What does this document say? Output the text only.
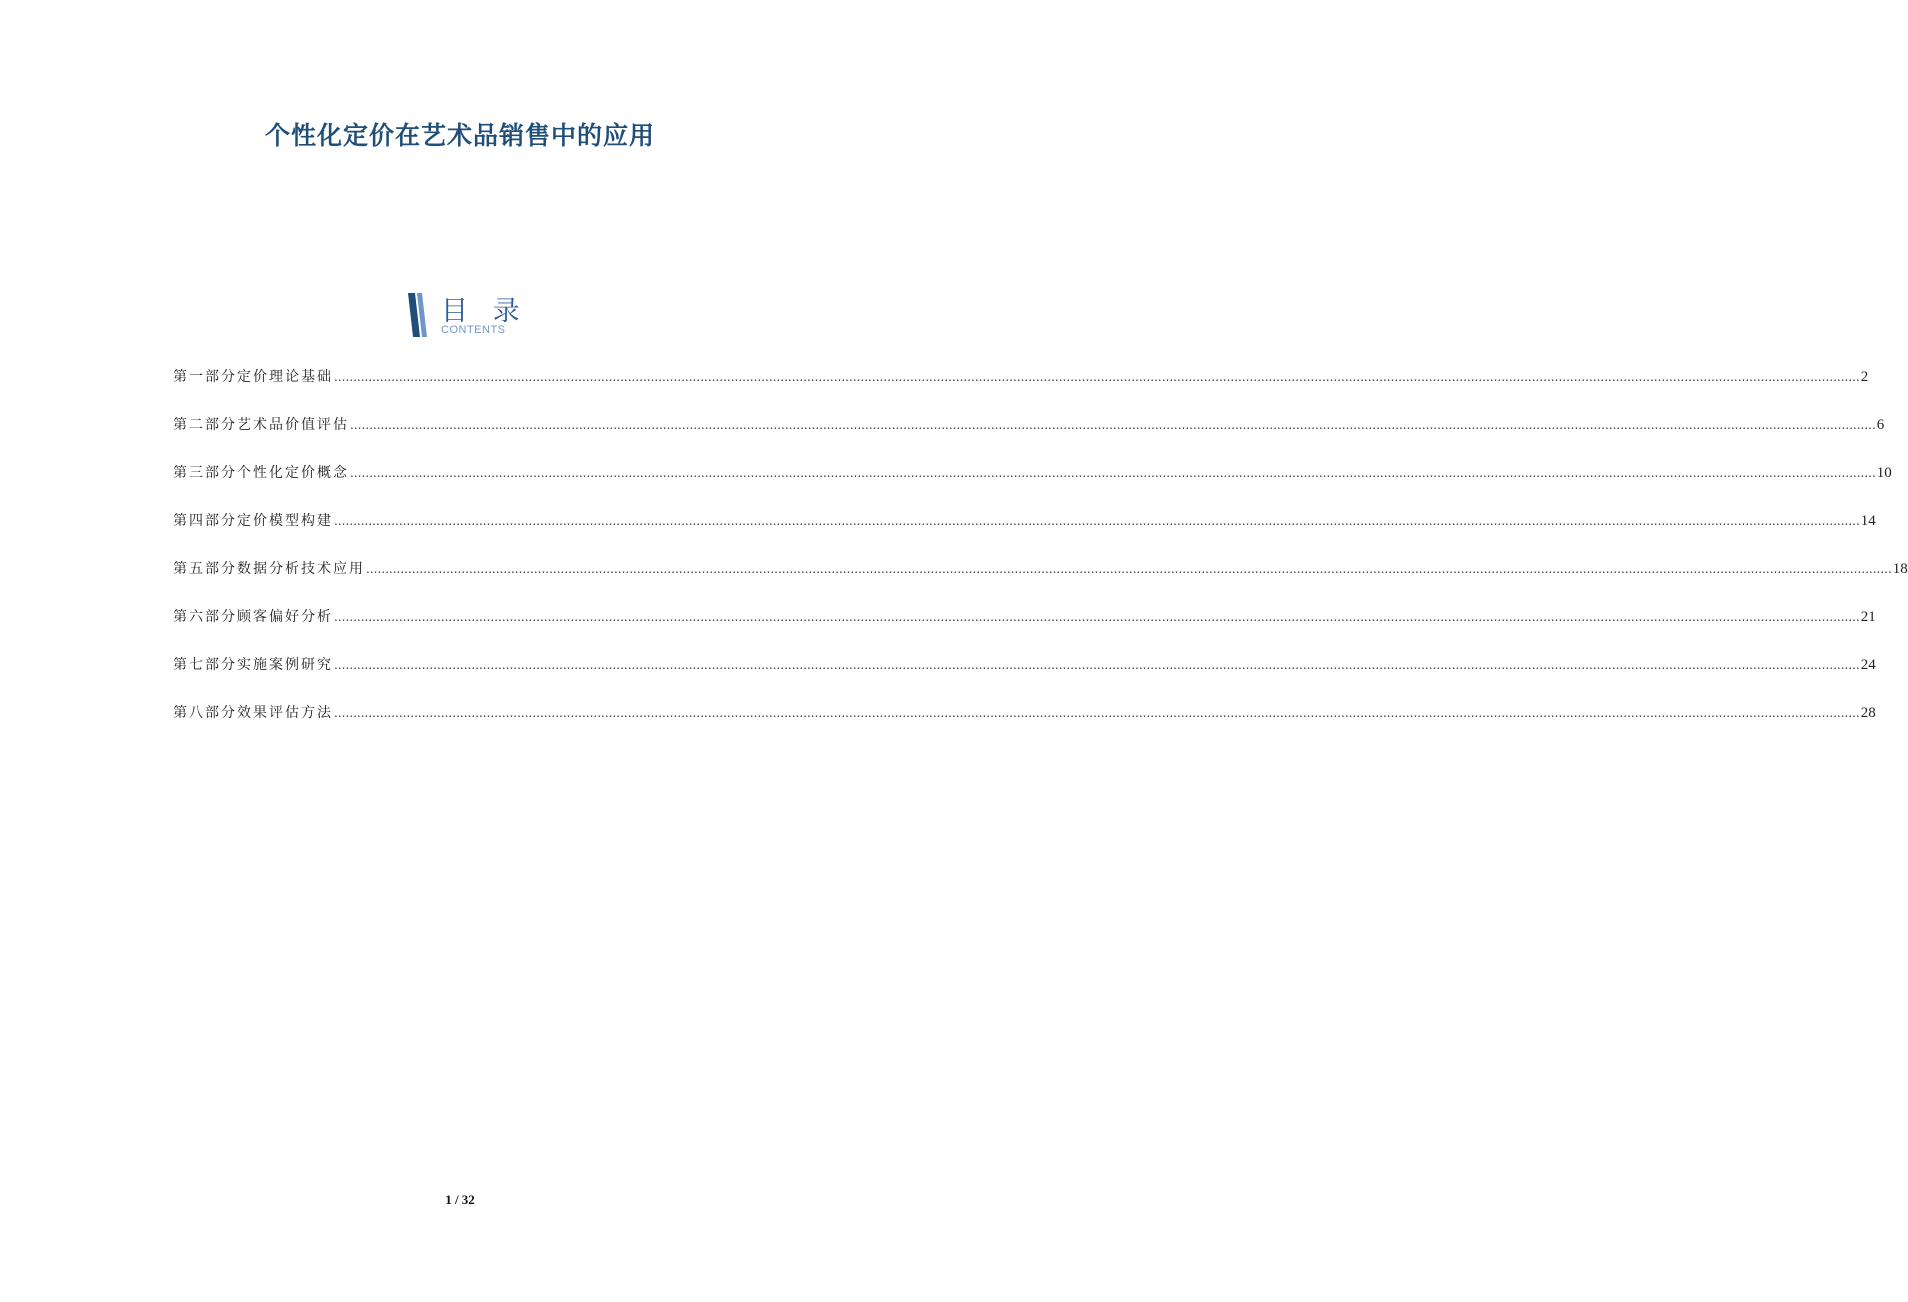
个性化定价在艺术品销售中的应用
目 录
CONTENTS
第一部分 定价理论基础 ................................................................................................................................................................................................................................................................................................................................................................................................................ 2
第二部分 艺术品价值评估 ................................................................................................................................................................................................................................................................................................................................................................................................................ 6
第三部分 个性化定价概念 ................................................................................................................................................................................................................................................................................................................................................................................................................ 10
第四部分 定价模型构建 ................................................................................................................................................................................................................................................................................................................................................................................................................ 14
第五部分 数据分析技术应用 ................................................................................................................................................................................................................................................................................................................................................................................................................ 18
第六部分 顾客偏好分析 ................................................................................................................................................................................................................................................................................................................................................................................................................ 21
第七部分 实施案例研究 ................................................................................................................................................................................................................................................................................................................................................................................................................ 24
第八部分 效果评估方法 ................................................................................................................................................................................................................................................................................................................................................................................................................ 28
1 / 32
